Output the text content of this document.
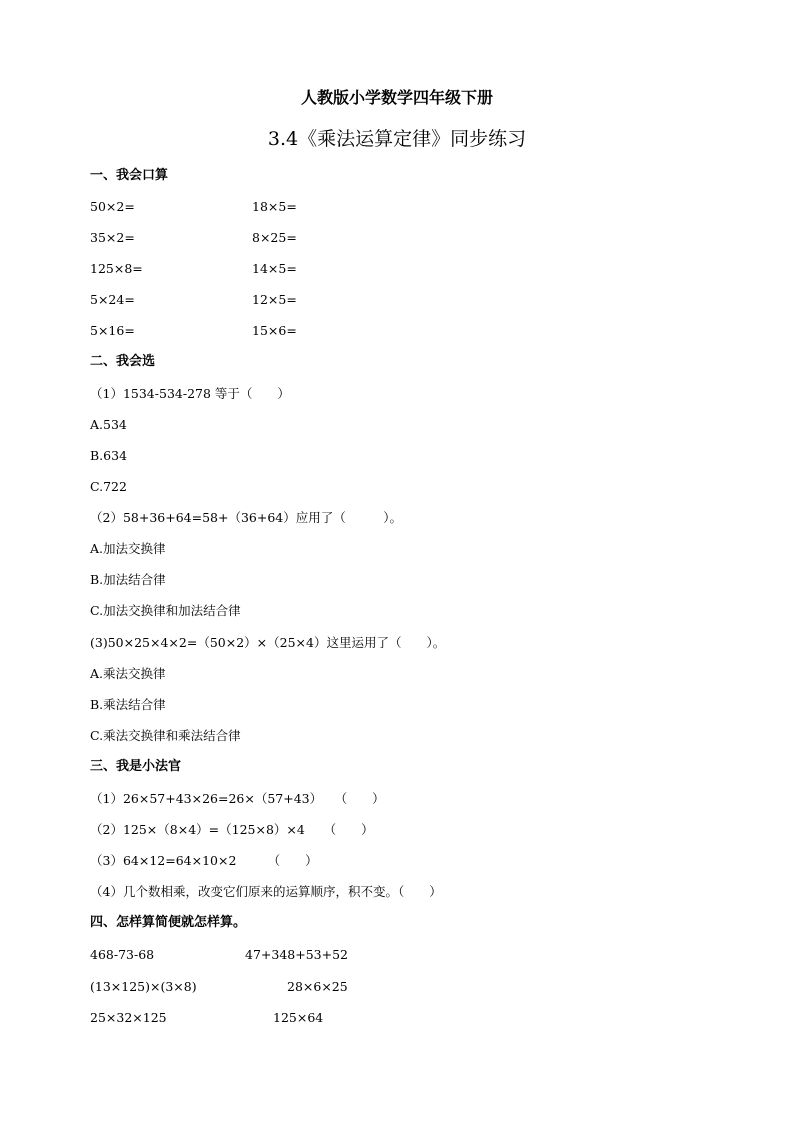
人教版小学数学四年级下册
3.4《乘法运算定律》同步练习
一、我会口算
50×2=	18×5=
35×2=	8×25=
125×8=	14×5=
5×24=	12×5=
5×16=	15×6=
二、我会选
（1）1534-534-278 等于（　　）
A.534
B.634
C.722
（2）58+36+64=58+（36+64）应用了（　　　）。
A.加法交换律
B.加法结合律
C.加法交换律和加法结合律
(3)50×25×4×2=（50×2）×（25×4）这里运用了（　　）。
A.乘法交换律
B.乘法结合律
C.乘法交换律和乘法结合律
三、我是小法官
（1）26×57+43×26=26×（57+43）　　（　　）
（2）125×（8×4）=（125×8）×4　　（　　）
（3）64×12=64×10×2　　　（　　）
（4）几个数相乘，改变它们原来的运算顺序，积不变。（　　）
四、怎样算简便就怎样算。
468-73-68	47+348+53+52
(13×125)×(3×8)	28×6×25
25×32×125	125×64
